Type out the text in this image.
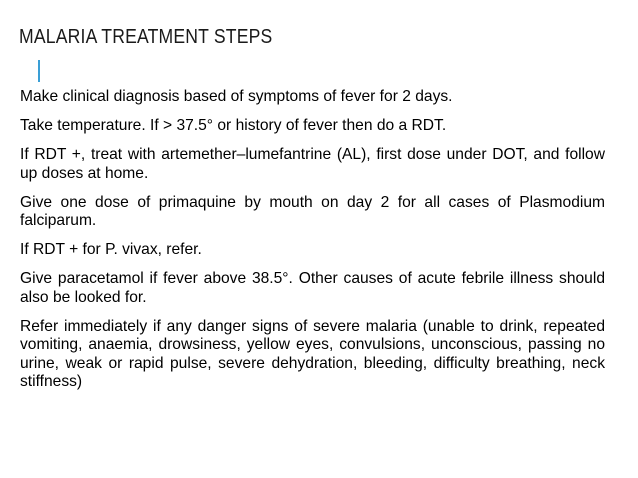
MALARIA TREATMENT STEPS
Make clinical diagnosis based of symptoms of fever for 2 days.
Take temperature. If > 37.5° or history of fever then do a RDT.
If RDT +, treat with artemether–lumefantrine (AL), first dose under DOT, and follow up doses at home.
Give one dose of primaquine by mouth on day 2 for all cases of Plasmodium falciparum.
If RDT + for P. vivax, refer.
Give paracetamol if fever above 38.5°. Other causes of acute febrile illness should also be looked for.
Refer immediately if any danger signs of severe malaria (unable to drink, repeated vomiting, anaemia, drowsiness, yellow eyes, convulsions, unconscious, passing no urine, weak or rapid pulse, severe dehydration, bleeding, difficulty breathing, neck stiffness)
